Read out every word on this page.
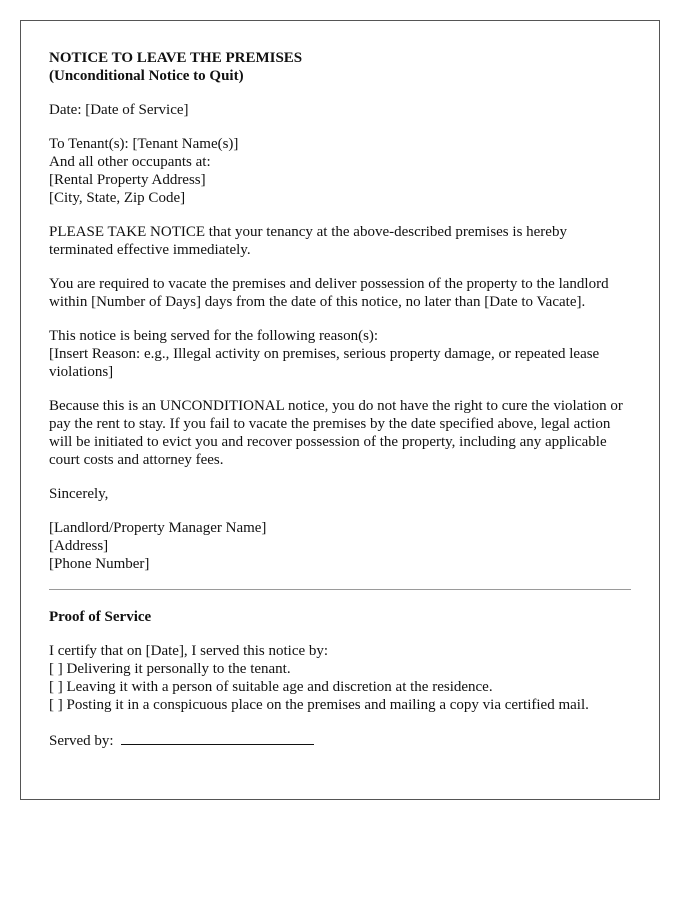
NOTICE TO LEAVE THE PREMISES
(Unconditional Notice to Quit)

Date: [Date of Service]

To Tenant(s): [Tenant Name(s)]
And all other occupants at:
[Rental Property Address]
[City, State, Zip Code]

PLEASE TAKE NOTICE that your tenancy at the above-described premises is hereby terminated effective immediately.

You are required to vacate the premises and deliver possession of the property to the landlord within [Number of Days] days from the date of this notice, no later than [Date to Vacate].

This notice is being served for the following reason(s):
[Insert Reason: e.g., Illegal activity on premises, serious property damage, or repeated lease violations]

Because this is an UNCONDITIONAL notice, you do not have the right to cure the violation or pay the rent to stay. If you fail to vacate the premises by the date specified above, legal action will be initiated to evict you and recover possession of the property, including any applicable court costs and attorney fees.

Sincerely,

[Landlord/Property Manager Name]
[Address]
[Phone Number]
Proof of Service
I certify that on [Date], I served this notice by:
[ ] Delivering it personally to the tenant.
[ ] Leaving it with a person of suitable age and discretion at the residence.
[ ] Posting it in a conspicuous place on the premises and mailing a copy via certified mail.
Served by:
